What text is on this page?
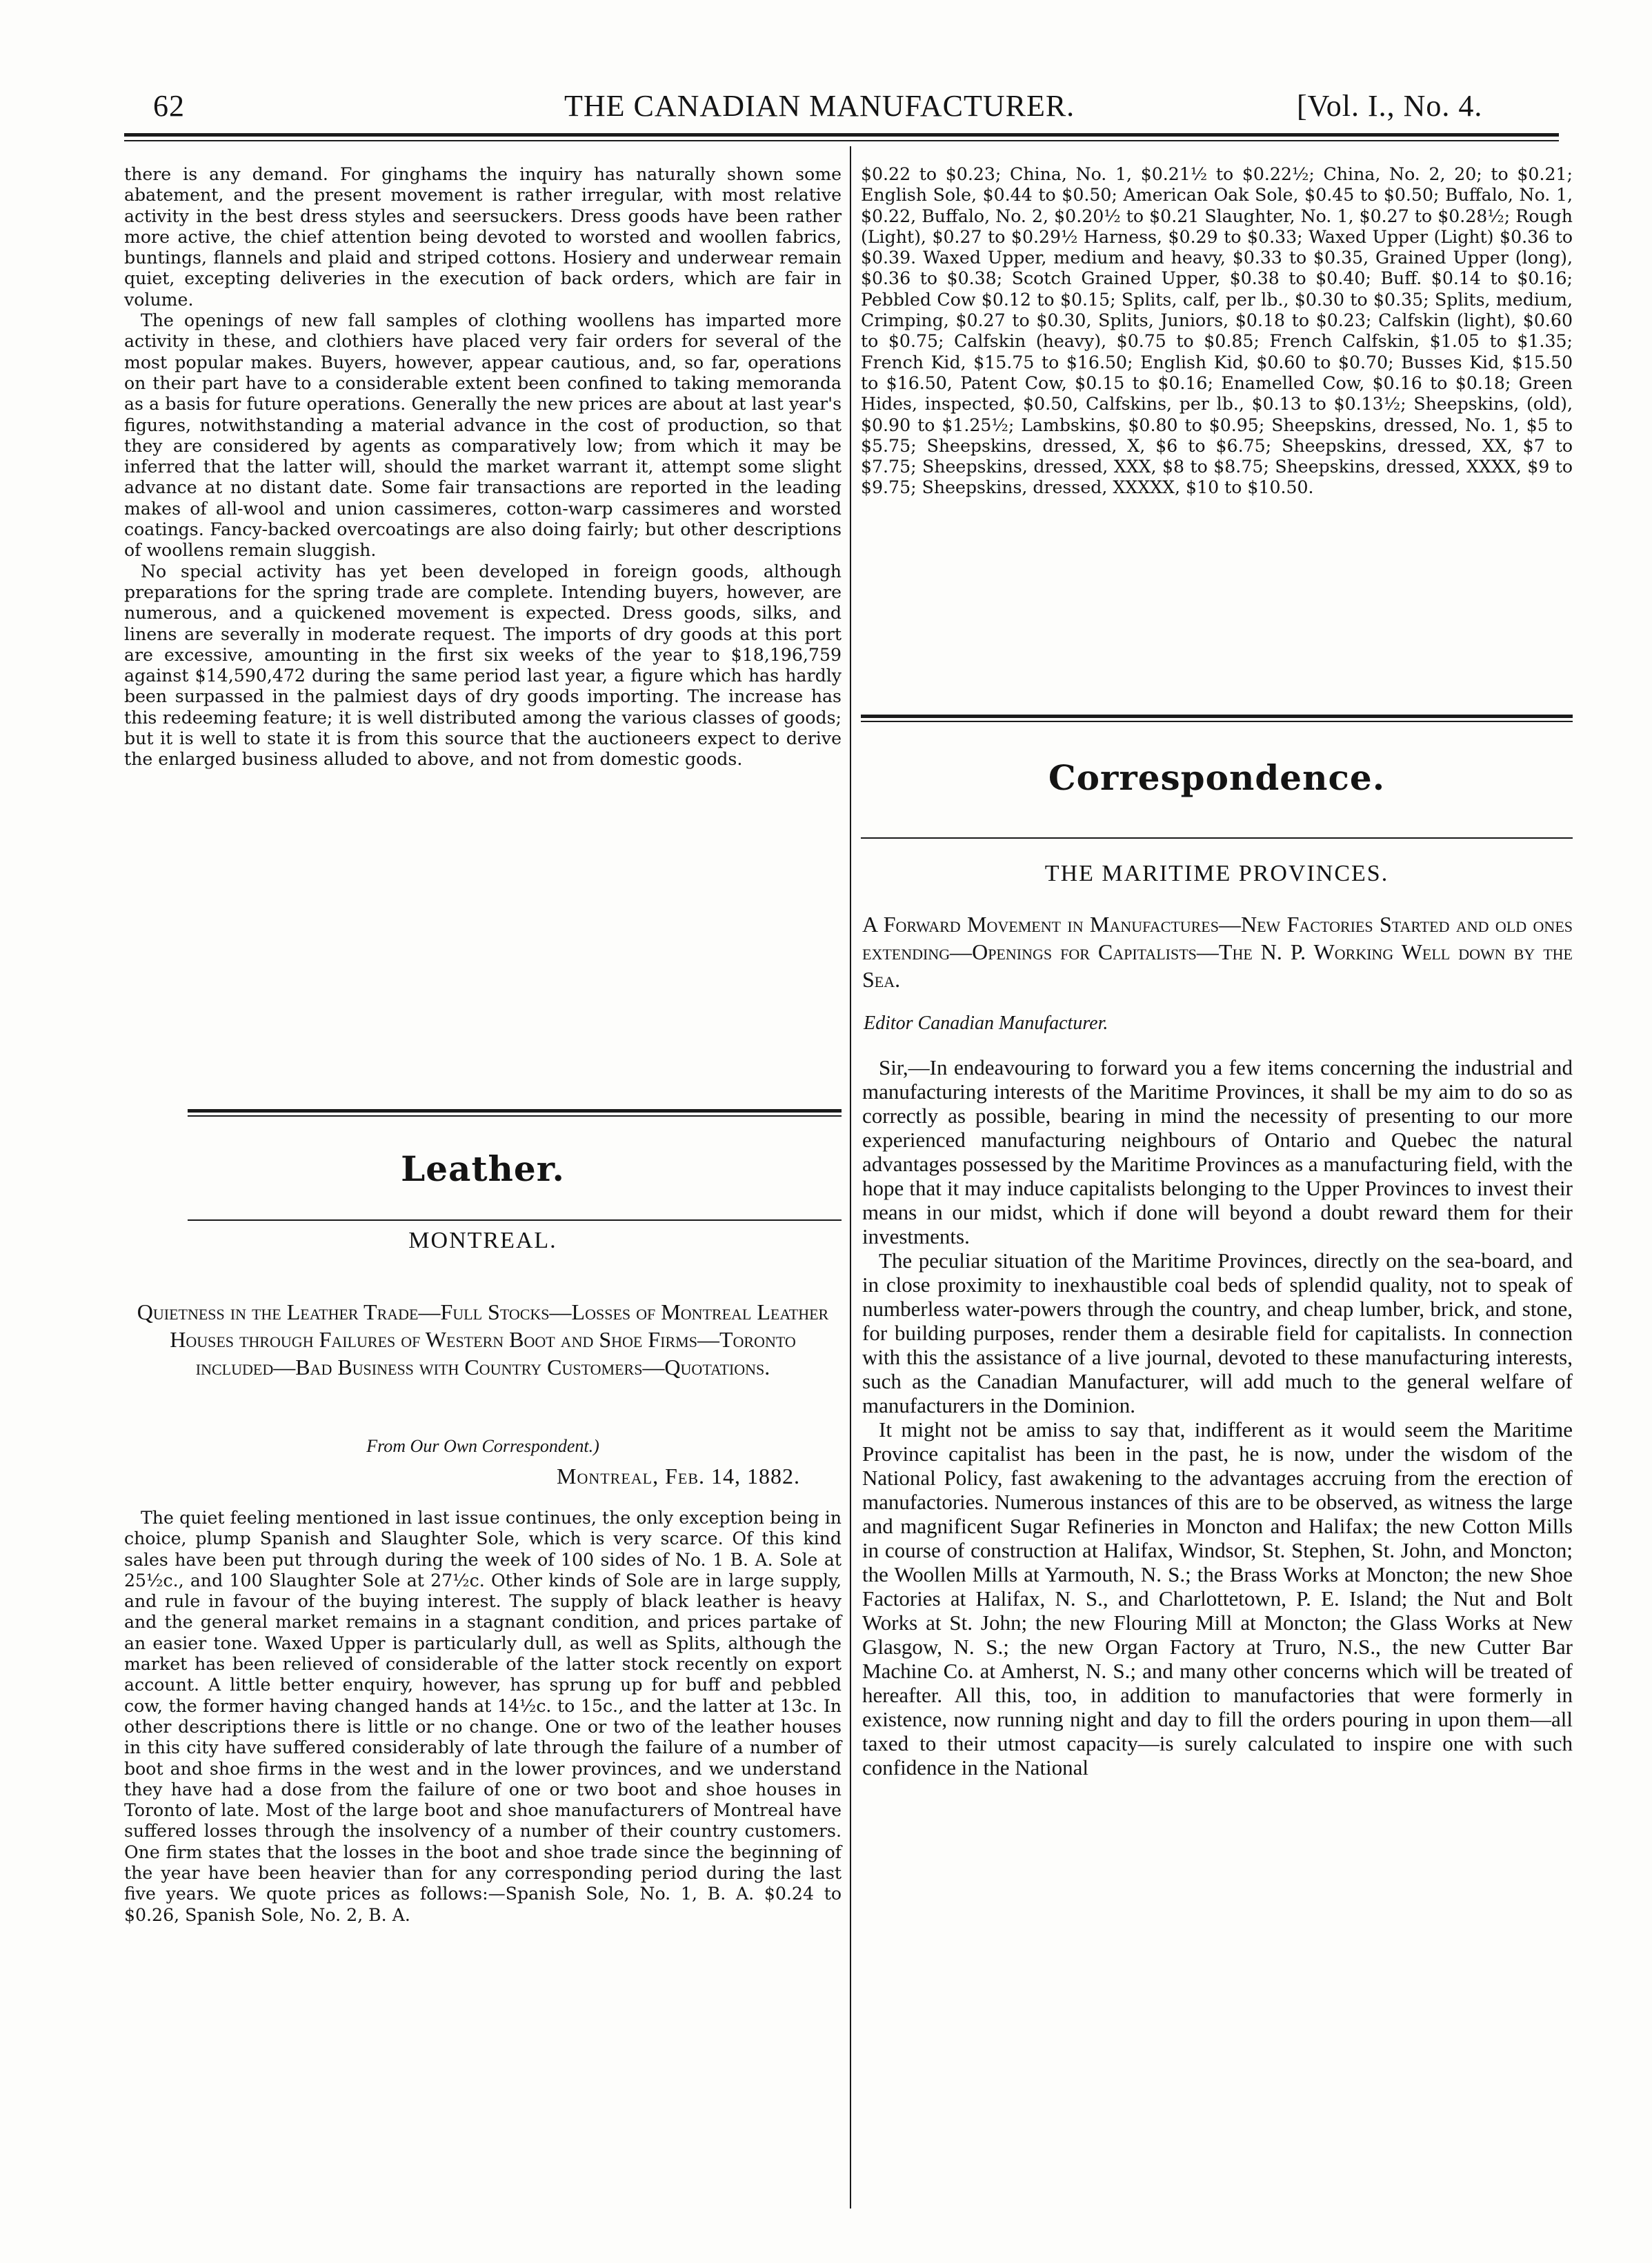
62	THE CANADIAN MANUFACTURER.	[Vol. I., No. 4.

there is any demand. For ginghams the inquiry has naturally shown some abatement, and the present movement is rather irregular, with most relative activity in the best dress styles and seersuckers. Dress goods have been rather more active, the chief attention being devoted to worsted and woollen fabrics, buntings, flannels and plaid and striped cottons. Hosiery and underwear remain quiet, excepting deliveries in the execution of back orders, which are fair in volume.

The openings of new fall samples of clothing woollens has imparted more activity in these, and clothiers have placed very fair orders for several of the most popular makes. Buyers, however, appear cautious, and, so far, operations on their part have to a considerable extent been confined to taking memoranda as a basis for future operations. Generally the new prices are about at last year's figures, notwithstanding a material advance in the cost of production, so that they are considered by agents as comparatively low; from which it may be inferred that the latter will, should the market warrant it, attempt some slight advance at no distant date. Some fair transactions are reported in the leading makes of all-wool and union cassimeres, cotton-warp cassimeres and worsted coatings. Fancy-backed overcoatings are also doing fairly; but other descriptions of woollens remain sluggish.

No special activity has yet been developed in foreign goods, although preparations for the spring trade are complete. Intending buyers, however, are numerous, and a quickened movement is expected. Dress goods, silks, and linens are severally in moderate request. The imports of dry goods at this port are excessive, amounting in the first six weeks of the year to $18,196,759 against $14,590,472 during the same period last year, a figure which has hardly been surpassed in the palmiest days of dry goods importing. The increase has this redeeming feature; it is well distributed among the various classes of goods; but it is well to state it is from this source that the auctioneers expect to derive the enlarged business alluded to above, and not from domestic goods.

Leather.
MONTREAL.
Quietness in the Leather Trade—Full Stocks—Losses of Montreal Leather Houses through Failures of Western Boot and Shoe Firms—Toronto included—Bad Business with Country Customers—Quotations.
From Our Own Correspondent.)
Montreal, Feb. 14, 1882.

The quiet feeling mentioned in last issue continues, the only exception being in choice, plump Spanish and Slaughter Sole, which is very scarce. Of this kind sales have been put through during the week of 100 sides of No. 1 B. A. Sole at 25½c., and 100 Slaughter Sole at 27½c. Other kinds of Sole are in large supply, and rule in favour of the buying interest. The supply of black leather is heavy and the general market remains in a stagnant condition, and prices partake of an easier tone. Waxed Upper is particularly dull, as well as Splits, although the market has been relieved of considerable of the latter stock recently on export account. A little better enquiry, however, has sprung up for buff and pebbled cow, the former having changed hands at 14½c. to 15c., and the latter at 13c. In other descriptions there is little or no change. One or two of the leather houses in this city have suffered considerably of late through the failure of a number of boot and shoe firms in the west and in the lower provinces, and we understand they have had a dose from the failure of one or two boot and shoe houses in Toronto of late. Most of the large boot and shoe manufacturers of Montreal have suffered losses through the insolvency of a number of their country customers. One firm states that the losses in the boot and shoe trade since the beginning of the year have been heavier than for any corresponding period during the last five years. We quote prices as follows:—Spanish Sole, No. 1, B. A. $0.24 to $0.26, Spanish Sole, No. 2, B. A.

$0.22 to $0.23; China, No. 1, $0.21½ to $0.22½; China, No. 2, 20; to $0.21; English Sole, $0.44 to $0.50; American Oak Sole, $0.45 to $0.50; Buffalo, No. 1, $0.22, Buffalo, No. 2, $0.20½ to $0.21 Slaughter, No. 1, $0.27 to $0.28½; Rough (Light), $0.27 to $0.29½ Harness, $0.29 to $0.33; Waxed Upper (Light) $0.36 to $0.39. Waxed Upper, medium and heavy, $0.33 to $0.35, Grained Upper (long), $0.36 to $0.38; Scotch Grained Upper, $0.38 to $0.40; Buff. $0.14 to $0.16; Pebbled Cow $0.12 to $0.15; Splits, calf, per lb., $0.30 to $0.35; Splits, medium, Crimping, $0.27 to $0.30, Splits, Juniors, $0.18 to $0.23; Calfskin (light), $0.60 to $0.75; Calfskin (heavy), $0.75 to $0.85; French Calfskin, $1.05 to $1.35; French Kid, $15.75 to $16.50; English Kid, $0.60 to $0.70; Busses Kid, $15.50 to $16.50, Patent Cow, $0.15 to $0.16; Enamelled Cow, $0.16 to $0.18; Green Hides, inspected, $0.50, Calfskins, per lb., $0.13 to $0.13½; Sheepskins, (old), $0.90 to $1.25½; Lambskins, $0.80 to $0.95; Sheepskins, dressed, No. 1, $5 to $5.75; Sheepskins, dressed, X, $6 to $6.75; Sheepskins, dressed, XX, $7 to $7.75; Sheepskins, dressed, XXX, $8 to $8.75; Sheepskins, dressed, XXXX, $9 to $9.75; Sheepskins, dressed, XXXXX, $10 to $10.50.

Correspondence.
THE MARITIME PROVINCES.
A Forward Movement in Manufactures—New Factories Started and old ones extending—Openings for Capitalists—The N. P. Working Well down by the Sea.
Editor Canadian Manufacturer.

Sir,—In endeavouring to forward you a few items concerning the industrial and manufacturing interests of the Maritime Provinces, it shall be my aim to do so as correctly as possible, bearing in mind the necessity of presenting to our more experienced manufacturing neighbours of Ontario and Quebec the natural advantages possessed by the Maritime Provinces as a manufacturing field, with the hope that it may induce capitalists belonging to the Upper Provinces to invest their means in our midst, which if done will beyond a doubt reward them for their investments.

The peculiar situation of the Maritime Provinces, directly on the sea-board, and in close proximity to inexhaustible coal beds of splendid quality, not to speak of numberless water-powers through the country, and cheap lumber, brick, and stone, for building purposes, render them a desirable field for capitalists. In connection with this the assistance of a live journal, devoted to these manufacturing interests, such as the Canadian Manufacturer, will add much to the general welfare of manufacturers in the Dominion.

It might not be amiss to say that, indifferent as it would seem the Maritime Province capitalist has been in the past, he is now, under the wisdom of the National Policy, fast awakening to the advantages accruing from the erection of manufactories. Numerous instances of this are to be observed, as witness the large and magnificent Sugar Refineries in Moncton and Halifax; the new Cotton Mills in course of construction at Halifax, Windsor, St. Stephen, St. John, and Moncton; the Woollen Mills at Yarmouth, N. S.; the Brass Works at Moncton; the new Shoe Factories at Halifax, N. S., and Charlottetown, P. E. Island; the Nut and Bolt Works at St. John; the new Flouring Mill at Moncton; the Glass Works at New Glasgow, N. S.; the new Organ Factory at Truro, N.S., the new Cutter Bar Machine Co. at Amherst, N. S.; and many other concerns which will be treated of hereafter. All this, too, in addition to manufactories that were formerly in existence, now running night and day to fill the orders pouring in upon them—all taxed to their utmost capacity—is surely calculated to inspire one with such confidence in the National
